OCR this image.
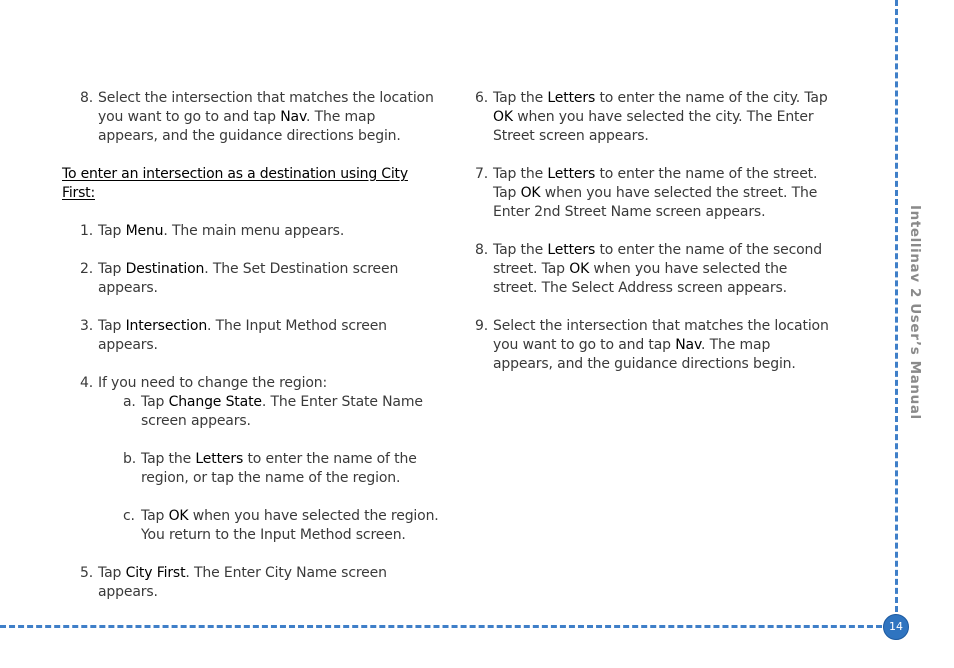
8. Select the intersection that matches the location you want to go to and tap Nav. The map appears, and the guidance directions begin.
To enter an intersection as a destination using City First:
1. Tap Menu. The main menu appears.
2. Tap Destination. The Set Destination screen appears.
3. Tap Intersection. The Input Method screen appears.
4. If you need to change the region:
a. Tap Change State. The Enter State Name screen appears.
b. Tap the Letters to enter the name of the region, or tap the name of the region.
c. Tap OK when you have selected the region. You return to the Input Method screen.
5. Tap City First. The Enter City Name screen appears.
6. Tap the Letters to enter the name of the city. Tap OK when you have selected the city. The Enter Street screen appears.
7. Tap the Letters to enter the name of the street. Tap OK when you have selected the street. The Enter 2nd Street Name screen appears.
8. Tap the Letters to enter the name of the second street. Tap OK when you have selected the street. The Select Address screen appears.
9. Select the intersection that matches the location you want to go to and tap Nav. The map appears, and the guidance directions begin.	Intellinav 2 User’s Manual
14
